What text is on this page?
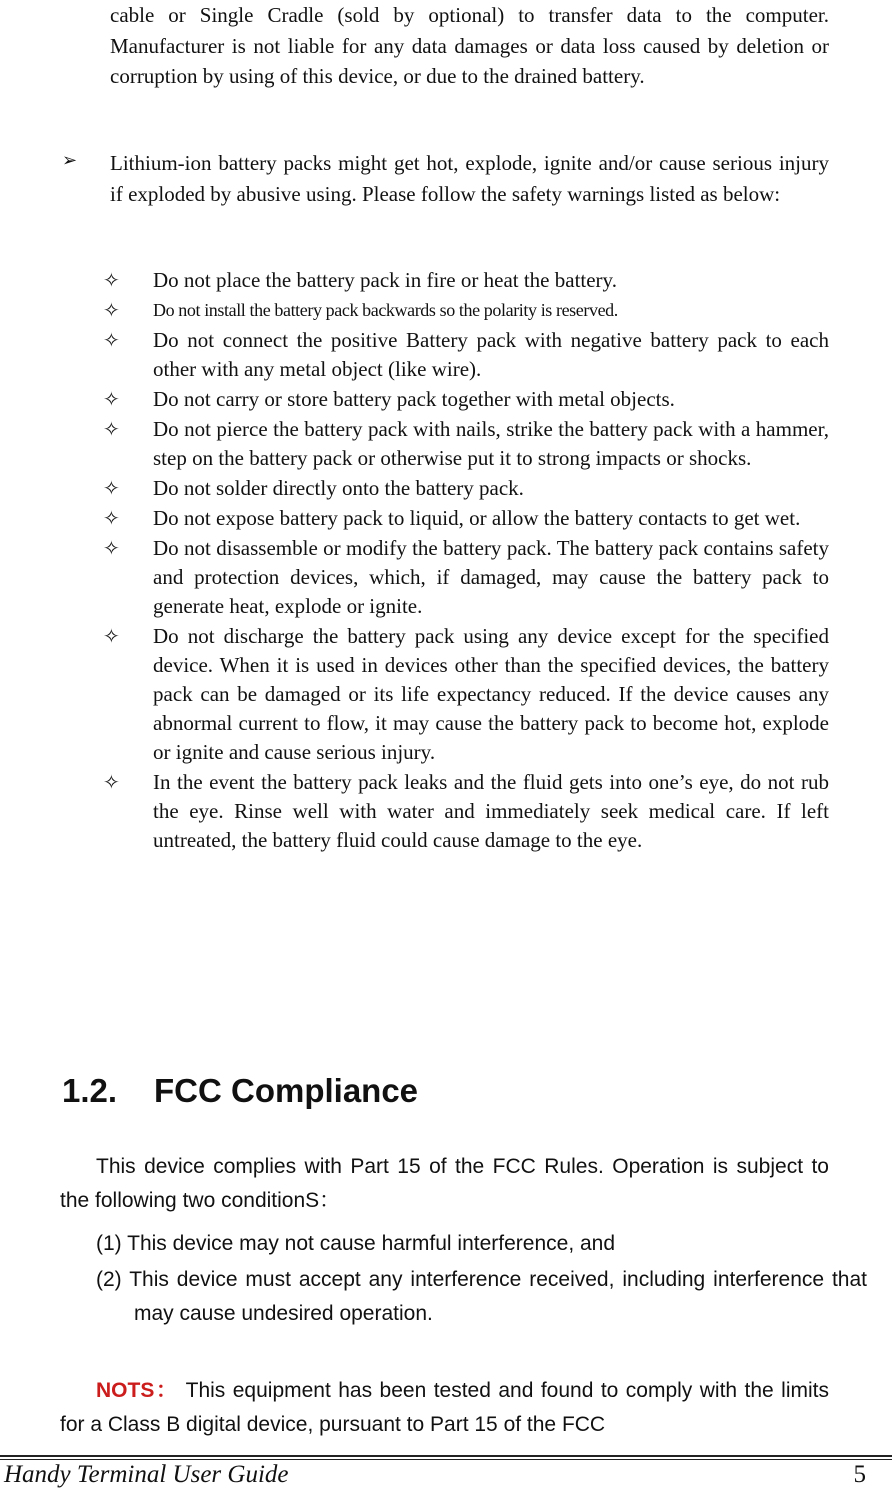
cable or Single Cradle (sold by optional) to transfer data to the computer. Manufacturer is not liable for any data damages or data loss caused by deletion or corruption by using of this device, or due to the drained battery.
➢ Lithium-ion battery packs might get hot, explode, ignite and/or cause serious injury if exploded by abusive using. Please follow the safety warnings listed as below:
✧ Do not place the battery pack in fire or heat the battery.
✧ Do not install the battery pack backwards so the polarity is reserved.
✧ Do not connect the positive Battery pack with negative battery pack to each other with any metal object (like wire).
✧ Do not carry or store battery pack together with metal objects.
✧ Do not pierce the battery pack with nails, strike the battery pack with a hammer, step on the battery pack or otherwise put it to strong impacts or shocks.
✧ Do not solder directly onto the battery pack.
✧ Do not expose battery pack to liquid, or allow the battery contacts to get wet.
✧ Do not disassemble or modify the battery pack. The battery pack contains safety and protection devices, which, if damaged, may cause the battery pack to generate heat, explode or ignite.
✧ Do not discharge the battery pack using any device except for the specified device. When it is used in devices other than the specified devices, the battery pack can be damaged or its life expectancy reduced. If the device causes any abnormal current to flow, it may cause the battery pack to become hot, explode or ignite and cause serious injury.
✧ In the event the battery pack leaks and the fluid gets into one’s eye, do not rub the eye. Rinse well with water and immediately seek medical care. If left untreated, the battery fluid could cause damage to the eye.
1.2. FCC Compliance

This device complies with Part 15 of the FCC Rules. Operation is subject to the following two conditionS：

(1) This device may not cause harmful interference, and

(2) This device must accept any interference received, including interference that may cause undesired operation.

NOTS： This equipment has been tested and found to comply with the limits for a Class B digital device, pursuant to Part 15 of the FCC

Handy Terminal User Guide	5
